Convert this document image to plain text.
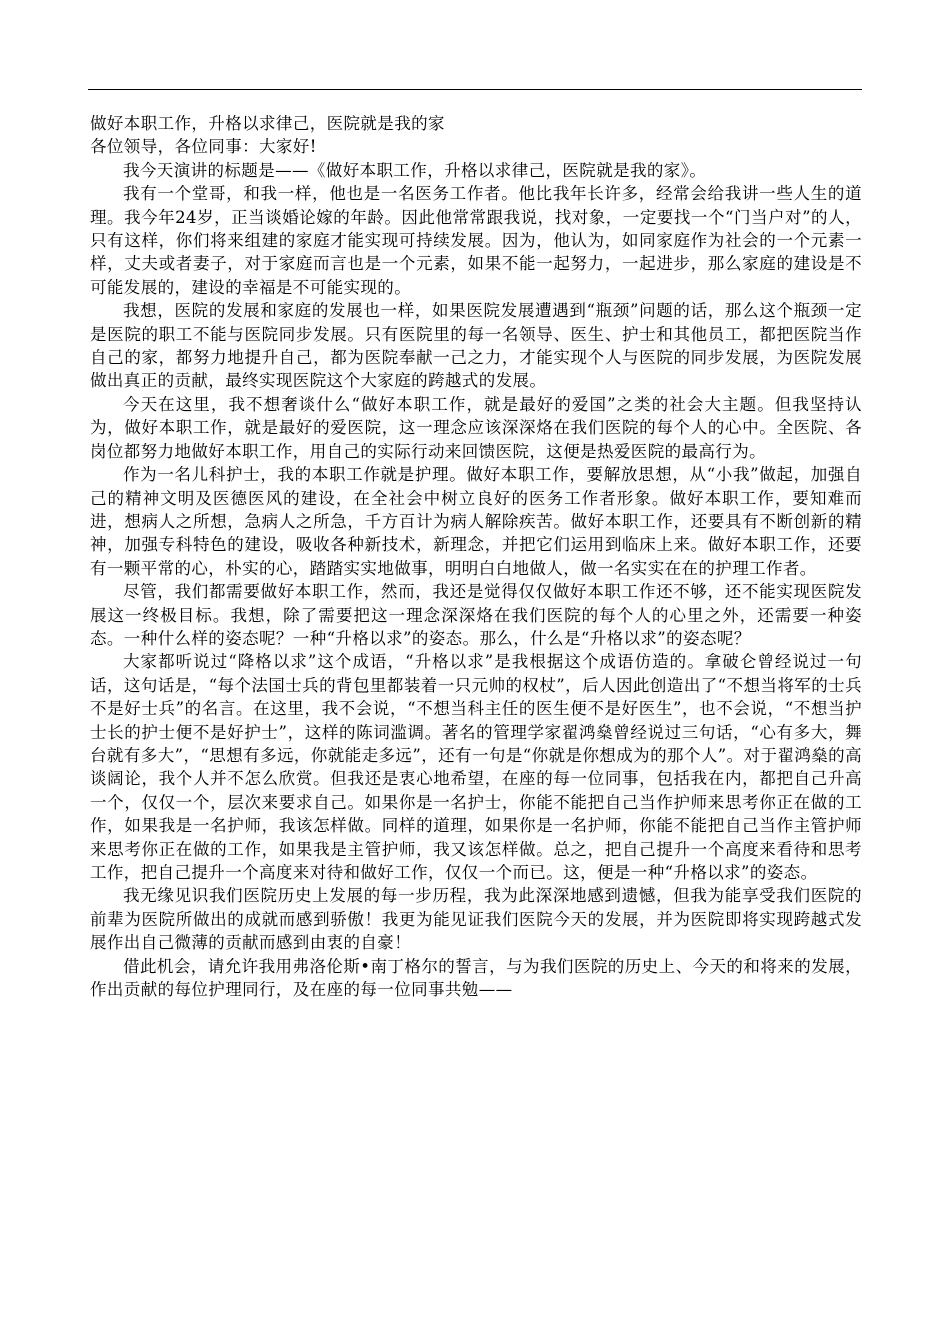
做好本职工作，升格以求律己，医院就是我的家

各位领导，各位同事：大家好!

我今天演讲的标题是——《做好本职工作，升格以求律己，医院就是我的家》。

我有一个堂哥，和我一样，他也是一名医务工作者。他比我年长许多，经常会给我讲一些人生的道理。我今年24岁，正当谈婚论嫁的年龄。因此他常常跟我说，找对象，一定要找一个“门当户对”的人，只有这样，你们将来组建的家庭才能实现可持续发展。因为，他认为，如同家庭作为社会的一个元素一样，丈夫或者妻子，对于家庭而言也是一个元素，如果不能一起努力，一起进步，那么家庭的建设是不可能发展的，建设的幸福是不可能实现的。

我想，医院的发展和家庭的发展也一样，如果医院发展遭遇到“瓶颈”问题的话，那么这个瓶颈一定是医院的职工不能与医院同步发展。只有医院里的每一名领导、医生、护士和其他员工，都把医院当作自己的家，都努力地提升自己，都为医院奉献一己之力，才能实现个人与医院的同步发展，为医院发展做出真正的贡献，最终实现医院这个大家庭的跨越式的发展。

今天在这里，我不想奢谈什么“做好本职工作，就是最好的爱国”之类的社会大主题。但我坚持认为，做好本职工作，就是最好的爱医院，这一理念应该深深烙在我们医院的每个人的心中。全医院、各岗位都努力地做好本职工作，用自己的实际行动来回馈医院，这便是热爱医院的最高行为。

作为一名儿科护士，我的本职工作就是护理。做好本职工作，要解放思想，从“小我”做起，加强自己的精神文明及医德医风的建设，在全社会中树立良好的医务工作者形象。做好本职工作，要知难而进，想病人之所想，急病人之所急，千方百计为病人解除疾苦。做好本职工作，还要具有不断创新的精神，加强专科特色的建设，吸收各种新技术，新理念，并把它们运用到临床上来。做好本职工作，还要有一颗平常的心，朴实的心，踏踏实实地做事，明明白白地做人，做一名实实在在的护理工作者。

尽管，我们都需要做好本职工作，然而，我还是觉得仅仅做好本职工作还不够，还不能实现医院发展这一终极目标。我想，除了需要把这一理念深深烙在我们医院的每个人的心里之外，还需要一种姿态。一种什么样的姿态呢？一种“升格以求”的姿态。那么，什么是“升格以求”的姿态呢？

大家都听说过“降格以求”这个成语，“升格以求”是我根据这个成语仿造的。拿破仑曾经说过一句话，这句话是，“每个法国士兵的背包里都装着一只元帅的权杖”，后人因此创造出了“不想当将军的士兵不是好士兵”的名言。在这里，我不会说，“不想当科主任的医生便不是好医生”，也不会说，“不想当护士长的护士便不是好护士”，这样的陈词滥调。著名的管理学家翟鸿燊曾经说过三句话，“心有多大，舞台就有多大”，“思想有多远，你就能走多远”，还有一句是“你就是你想成为的那个人”。对于翟鸿燊的高谈阔论，我个人并不怎么欣赏。但我还是衷心地希望，在座的每一位同事，包括我在内，都把自己升高一个，仅仅一个，层次来要求自己。如果你是一名护士，你能不能把自己当作护师来思考你正在做的工作，如果我是一名护师，我该怎样做。同样的道理，如果你是一名护师，你能不能把自己当作主管护师来思考你正在做的工作，如果我是主管护师，我又该怎样做。总之，把自己提升一个高度来看待和思考工作，把自己提升一个高度来对待和做好工作，仅仅一个而已。这，便是一种“升格以求”的姿态。

我无缘见识我们医院历史上发展的每一步历程，我为此深深地感到遗憾，但我为能享受我们医院的前辈为医院所做出的成就而感到骄傲！我更为能见证我们医院今天的发展，并为医院即将实现跨越式发展作出自己微薄的贡献而感到由衷的自豪！

借此机会，请允许我用弗洛伦斯•南丁格尔的誓言，与为我们医院的历史上、今天的和将来的发展，作出贡献的每位护理同行，及在座的每一位同事共勉——
